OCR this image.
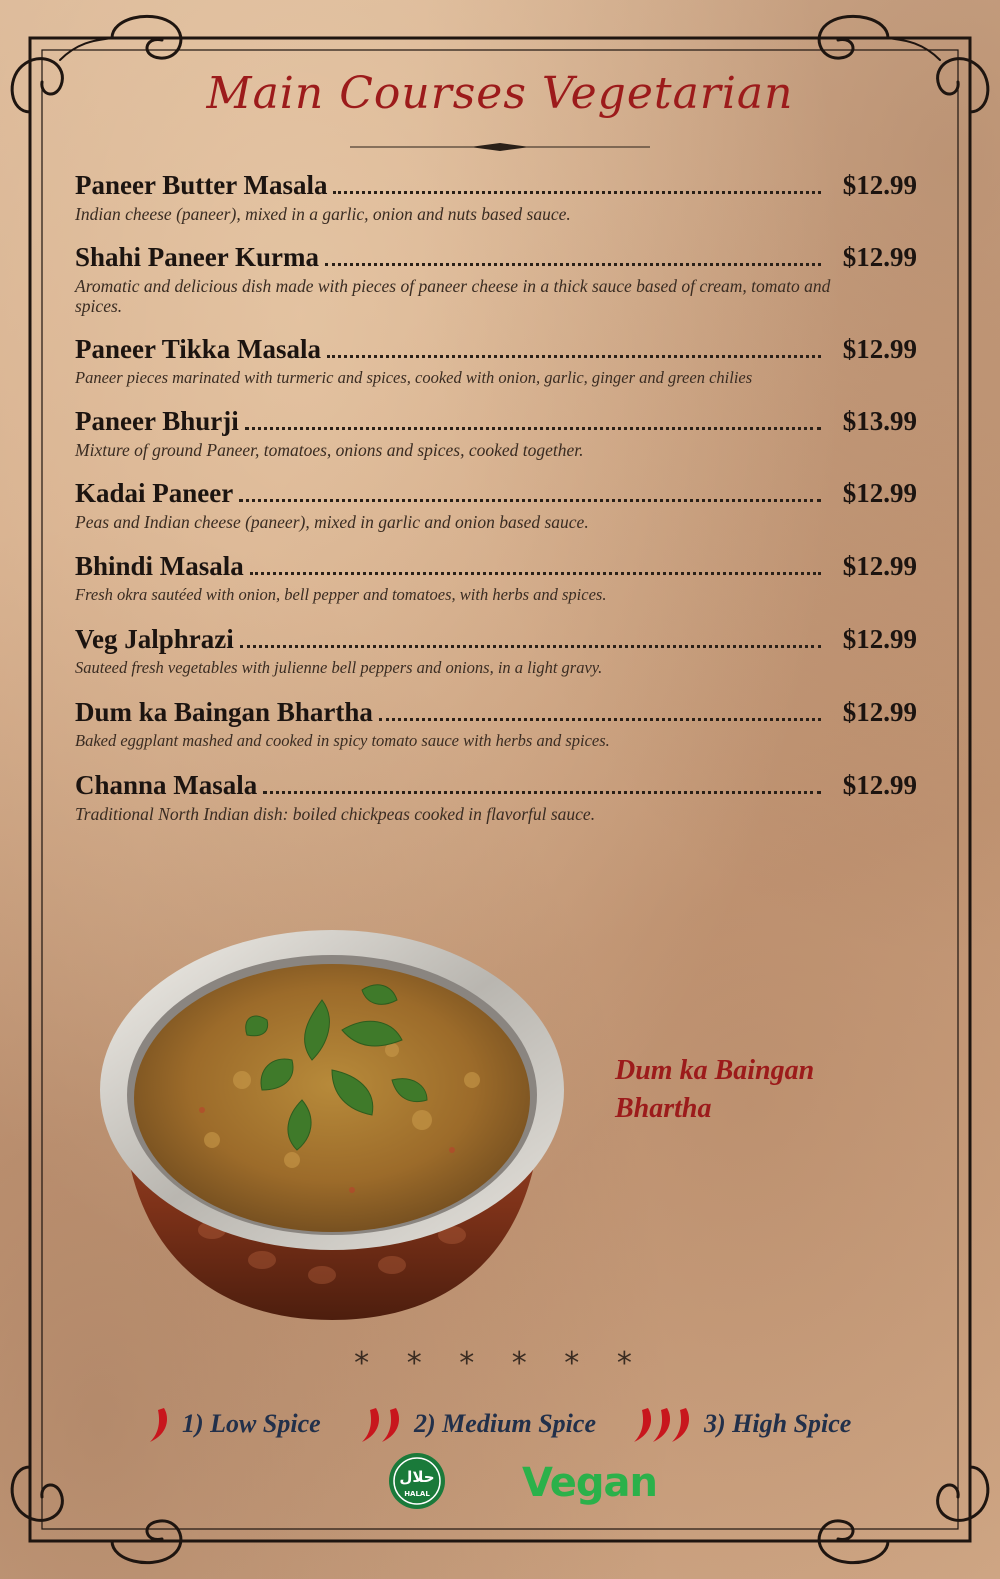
Main Courses Vegetarian
Paneer Butter Masala	$12.99
Indian cheese (paneer), mixed in a garlic, onion and nuts based sauce.
Shahi Paneer Kurma	$12.99
Aromatic and delicious dish made with pieces of paneer cheese in a thick sauce based of cream, tomato and spices.
Paneer Tikka Masala	$12.99
Paneer pieces marinated with turmeric and spices, cooked with onion, garlic, ginger and green chilies
Paneer Bhurji	$13.99
Mixture of ground Paneer, tomatoes, onions and spices, cooked together.
Kadai Paneer	$12.99
Peas and Indian cheese (paneer), mixed in garlic and onion based sauce.
Bhindi Masala	$12.99
Fresh okra sautéed with onion, bell pepper and tomatoes, with herbs and spices.
Veg Jalphrazi	$12.99
Sauteed fresh vegetables with julienne bell peppers and onions, in a light gravy.
Dum ka Baingan Bhartha	$12.99
Baked eggplant mashed and cooked in spicy tomato sauce with herbs and spices.
Channa Masala	$12.99
Traditional North Indian dish: boiled chickpeas cooked in flavorful sauce.
Dum ka Baingan
Bhartha
* * * * * *
1) Low Spice	2) Medium Spice	3) High Spice
حلال
HALAL Vegan
